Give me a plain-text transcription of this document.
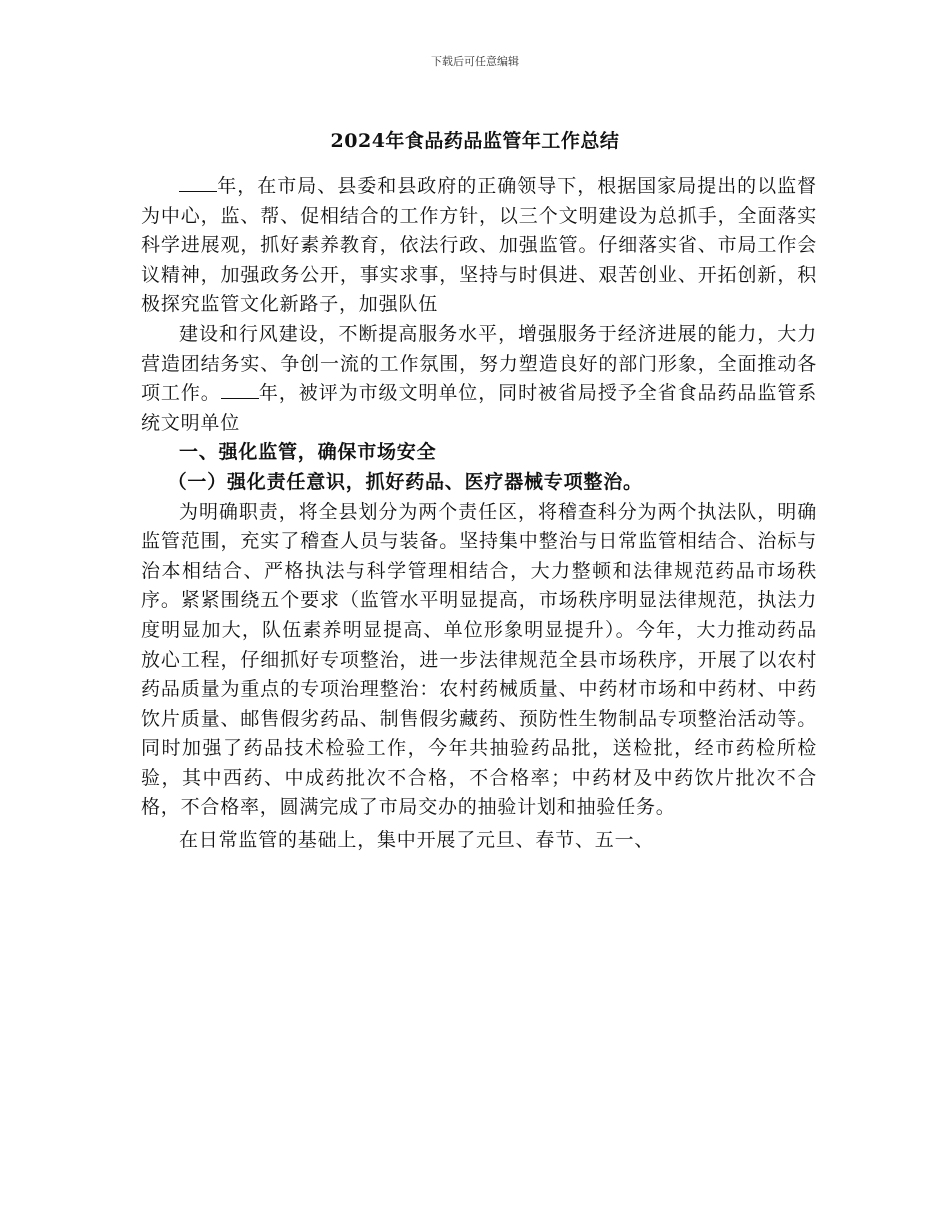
下载后可任意编辑
2024年食品药品监管年工作总结

年，在市局、县委和县政府的正确领导下，根据国家局提出的以监督为中心，监、帮、促相结合的工作方针，以三个文明建设为总抓手，全面落实科学进展观，抓好素养教育，依法行政、加强监管。仔细落实省、市局工作会议精神，加强政务公开，事实求事，坚持与时俱进、艰苦创业、开拓创新，积极探究监管文化新路子，加强队伍

建设和行风建设，不断提高服务水平，增强服务于经济进展的能力，大力营造团结务实、争创一流的工作氛围，努力塑造良好的部门形象，全面推动各项工作。 年，被评为市级文明单位，同时被省局授予全省食品药品监管系统文明单位

一、强化监管，确保市场安全

（一）强化责任意识，抓好药品、医疗器械专项整治。

为明确职责，将全县划分为两个责任区，将稽查科分为两个执法队，明确监管范围，充实了稽查人员与装备。坚持集中整治与日常监管相结合、治标与治本相结合、严格执法与科学管理相结合，大力整顿和法律规范药品市场秩序。紧紧围绕五个要求（监管水平明显提高，市场秩序明显法律规范，执法力度明显加大，队伍素养明显提高、单位形象明显提升）。今年，大力推动药品放心工程，仔细抓好专项整治，进一步法律规范全县市场秩序，开展了以农村药品质量为重点的专项治理整治：农村药械质量、中药材市场和中药材、中药饮片质量、邮售假劣药品、制售假劣藏药、预防性生物制品专项整治活动等。同时加强了药品技术检验工作，今年共抽验药品批，送检批，经市药检所检验，其中西药、中成药批次不合格，不合格率；中药材及中药饮片批次不合格，不合格率，圆满完成了市局交办的抽验计划和抽验任务。

在日常监管的基础上，集中开展了元旦、春节、五一、
